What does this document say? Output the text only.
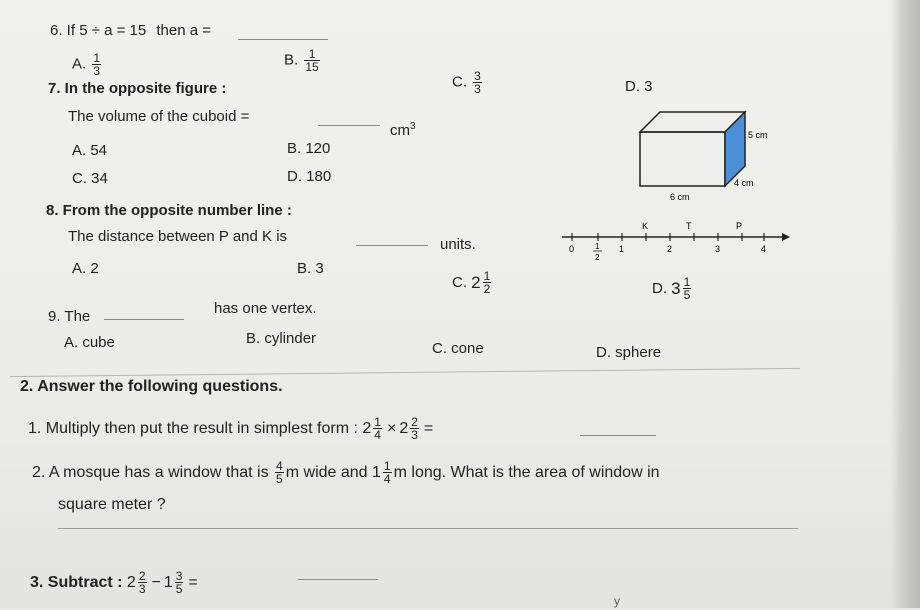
6. If 5 ÷ a = 15 then a =
A. $\frac{1}{3}$	B. $\frac{1}{15}$
C. $\frac{3}{3}$	D. 3
7. In the opposite figure :
The volume of the cuboid =
$cm^3$
A. 54	B. 120
C. 34	D. 180
5 cm
4 cm
6 cm
8. From the opposite number line :
The distance between P and K is	units.
K	T	P
0	1
2
1	2	3	4
A. 2	B. 3
C.
$2 \frac{1}{2}$	D.
$3 \frac{1}{5}$
9. The	has one vertex.
A. cube	B. cylinder
C. cone	D. sphere
2. Answer the following questions.
1. Multiply then put the result in simplest form :
$2 \frac{1}{4} \times 2 \frac{2}{3}$ =
2. A mosque has a window that is
$\frac{4}{5}$ m wide and
$1 \frac{1}{4}$ m long. What is the area of window in
square meter ?
3. Subtract :
$2 \frac{2}{3} - 1 \frac{3}{5}$ =
y
